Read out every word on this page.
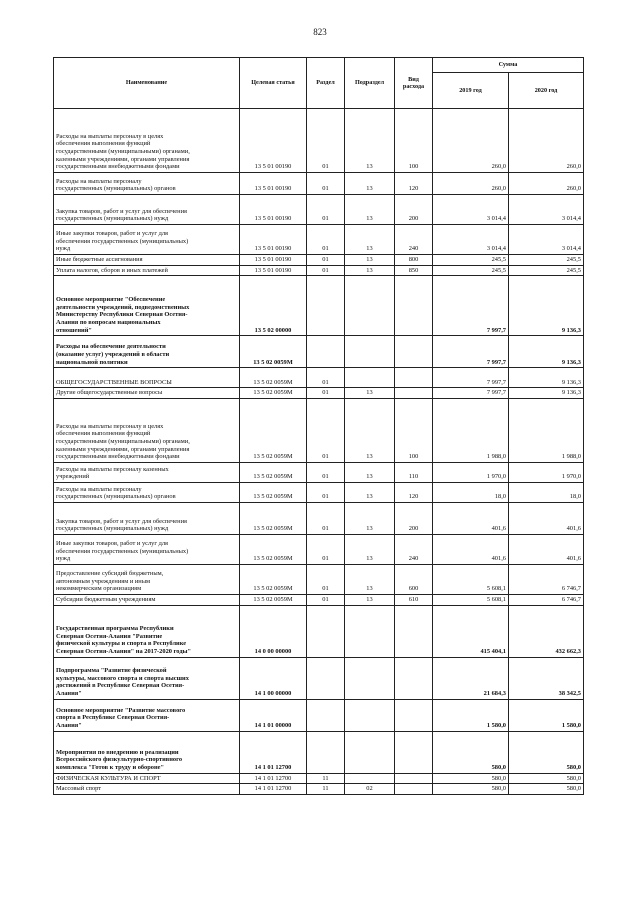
823
Наименование	Целевая статья	Раздел	Подраздел	Вид расхода	Сумма	
					2019 год	2020 год
Расходы на выплаты персоналу в целях
обеспечения выполнения функций
государственными (муниципальными) органами,
казенными учреждениями, органами управления
государственными внебюджетными фондами	13 5 01 00190	01	13	100	260,0	260,0
Расходы на выплаты персоналу
государственных (муниципальных) органов	13 5 01 00190	01	13	120	260,0	260,0
Закупка товаров, работ и услуг для обеспечения
государственных (муниципальных) нужд	13 5 01 00190	01	13	200	3 014,4	3 014,4
Иные закупки товаров, работ и услуг для
обеспечения государственных (муниципальных)
нужд	13 5 01 00190	01	13	240	3 014,4	3 014,4
Иные бюджетные ассигнования	13 5 01 00190	01	13	800	245,5	245,5
Уплата налогов, сборов и иных платежей	13 5 01 00190	01	13	850	245,5	245,5
Основное мероприятие "Обеспечение
деятельности учреждений, подведомственных
Министерству Республики Северная Осетия-
Алания по вопросам национальных
отношений"	13 5 02 00000				7 997,7	9 136,3
Расходы на обеспечение деятельности
(оказание услуг) учреждений в области
национальной политики	13 5 02 0059М				7 997,7	9 136,3
ОБЩЕГОСУДАРСТВЕННЫЕ ВОПРОСЫ	13 5 02 0059М	01			7 997,7	9 136,3
Другие общегосударственные вопросы	13 5 02 0059М	01	13		7 997,7	9 136,3
Расходы на выплаты персоналу в целях
обеспечения выполнения функций
государственными (муниципальными) органами,
казенными учреждениями, органами управления
государственными внебюджетными фондами	13 5 02 0059М	01	13	100	1 988,0	1 988,0
Расходы на выплаты персоналу казенных
учреждений	13 5 02 0059М	01	13	110	1 970,0	1 970,0
Расходы на выплаты персоналу
государственных (муниципальных) органов	13 5 02 0059М	01	13	120	18,0	18,0
Закупка товаров, работ и услуг для обеспечения
государственных (муниципальных) нужд	13 5 02 0059М	01	13	200	401,6	401,6
Иные закупки товаров, работ и услуг для
обеспечения государственных (муниципальных)
нужд	13 5 02 0059М	01	13	240	401,6	401,6
Предоставление субсидий бюджетным,
автономным учреждениям и иным
некоммерческим организациям	13 5 02 0059М	01	13	600	5 608,1	6 746,7
Субсидии бюджетным учреждениям	13 5 02 0059М	01	13	610	5 608,1	6 746,7
Государственная программа Республики
Северная Осетия-Алания "Развитие
физической культуры и спорта в Республике
Северная Осетия-Алания" на 2017-2020 годы"	14 0 00 00000				415 404,1	432 662,3
Подпрограмма "Развитие физической
культуры, массового спорта и спорта высших
достижений в Республике Северная Осетия-
Алания"	14 1 00 00000				21 684,3	38 342,5
Основное мероприятие "Развитие массового
спорта в Республике Северная Осетия-
Алания"	14 1 01 00000				1 580,0	1 580,0
Мероприятия по внедрению и реализации
Всероссийского физкультурно-спортивного
комплекса "Готов к труду и обороне"	14 1 01 12700				580,0	580,0
ФИЗИЧЕСКАЯ КУЛЬТУРА И СПОРТ	14 1 01 12700	11			580,0	580,0
Массовый спорт	14 1 01 12700	11	02		580,0	580,0
